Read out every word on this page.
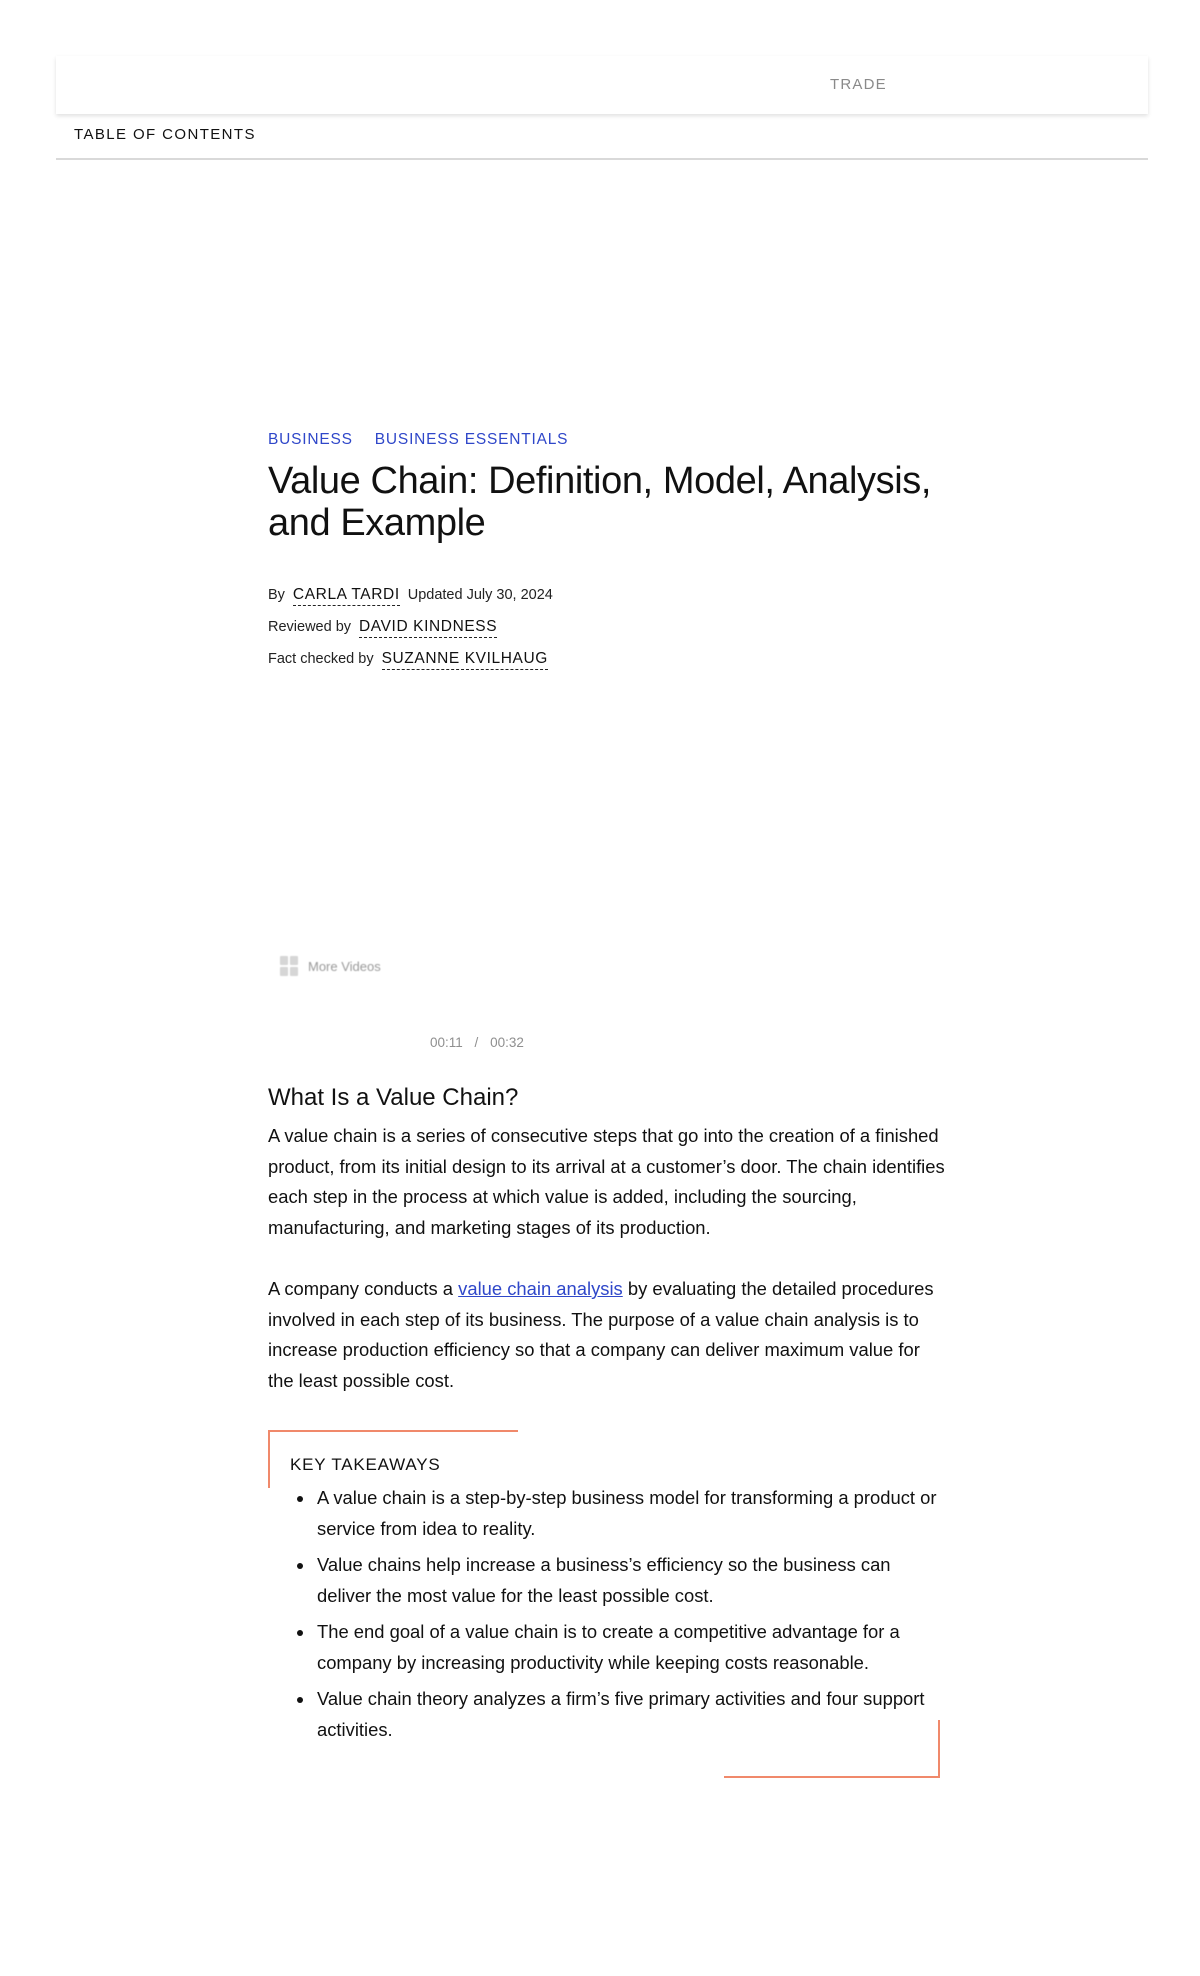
TRADE
TABLE OF CONTENTS
BUSINESS BUSINESS ESSENTIALS
Value Chain: Definition, Model, Analysis, and Example
By CARLA TARDI Updated July 30, 2024
Reviewed by DAVID KINDNESS
Fact checked by SUZANNE KVILHAUG
More Videos
00:11 / 00:32
What Is a Value Chain?

A value chain is a series of consecutive steps that go into the creation of a finished product, from its initial design to its arrival at a customer’s door. The chain identifies each step in the process at which value is added, including the sourcing, manufacturing, and marketing stages of its production.

A company conducts a value chain analysis by evaluating the detailed procedures involved in each step of its business. The purpose of a value chain analysis is to increase production efficiency so that a company can deliver maximum value for the least possible cost.

KEY TAKEAWAYS
A value chain is a step-by-step business model for transforming a product or service from idea to reality.
Value chains help increase a business’s efficiency so the business can deliver the most value for the least possible cost.
The end goal of a value chain is to create a competitive advantage for a company by increasing productivity while keeping costs reasonable.
Value chain theory analyzes a firm’s five primary activities and four support activities.
